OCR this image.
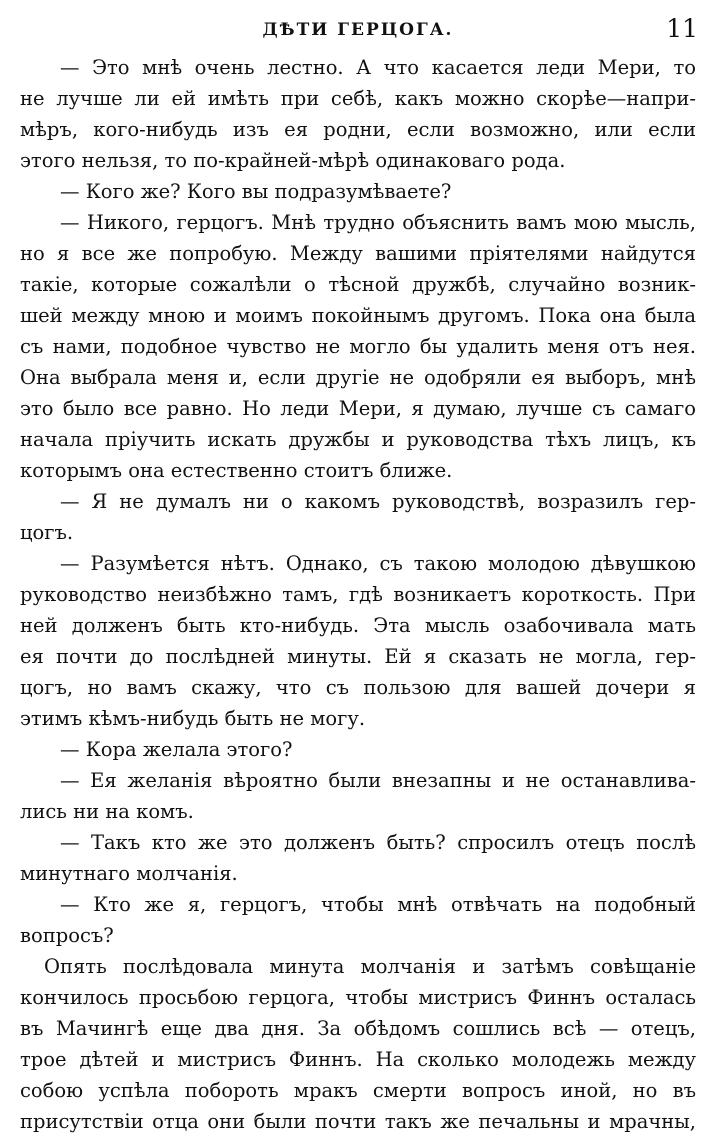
ДѢТИ ГЕРЦОГА.	11
— Это мнѣ очень лестно. А что касается леди Мери, то
не лучше ли ей имѣть при себѣ, какъ можно скорѣе—напри-
мѣръ, кого-нибудь изъ ея родни, если возможно, или если
этого нельзя, то по-крайней-мѣрѣ одинаковаго рода.
— Кого же? Кого вы подразумѣваете?
— Никого, герцогъ. Мнѣ трудно объяснить вамъ мою мысль,
но я все же попробую. Между вашими пріятелями найдутся
такіе, которые сожалѣли о тѣсной дружбѣ, случайно возник-
шей между мною и моимъ покойнымъ другомъ. Пока она была
съ нами, подобное чувство не могло бы удалить меня отъ нея.
Она выбрала меня и, если другіе не одобряли ея выборъ, мнѣ
это было все равно. Но леди Мери, я думаю, лучше съ самаго
начала пріучить искать дружбы и руководства тѣхъ лицъ, къ
которымъ она естественно стоитъ ближе.
— Я не думалъ ни о какомъ руководствѣ, возразилъ гер-
цогъ.
— Разумѣется нѣтъ. Однако, съ такою молодою дѣвушкою
руководство неизбѣжно тамъ, гдѣ возникаетъ короткость. При
ней долженъ быть кто-нибудь. Эта мысль озабочивала мать
ея почти до послѣдней минуты. Ей я сказать не могла, гер-
цогъ, но вамъ скажу, что съ пользою для вашей дочери я
этимъ кѣмъ-нибудь быть не могу.
— Кора желала этого?
— Ея желанія вѣроятно были внезапны и не останавлива-
лись ни на комъ.
— Такъ кто же это долженъ быть? спросилъ отецъ послѣ
минутнаго молчанія.
— Кто же я, герцогъ, чтобы мнѣ отвѣчать на подобный
вопросъ?
Опять послѣдовала минута молчанія и затѣмъ совѣщаніе
кончилось просьбою герцога, чтобы мистрисъ Финнъ осталась
въ Мачингѣ еще два дня. За обѣдомъ сошлись всѣ — отецъ,
трое дѣтей и мистрисъ Финнъ. На сколько молодежь между
собою успѣла побороть мракъ смерти вопросъ иной, но въ
присутствіи отца они были почти такъ же печальны и мрачны,
